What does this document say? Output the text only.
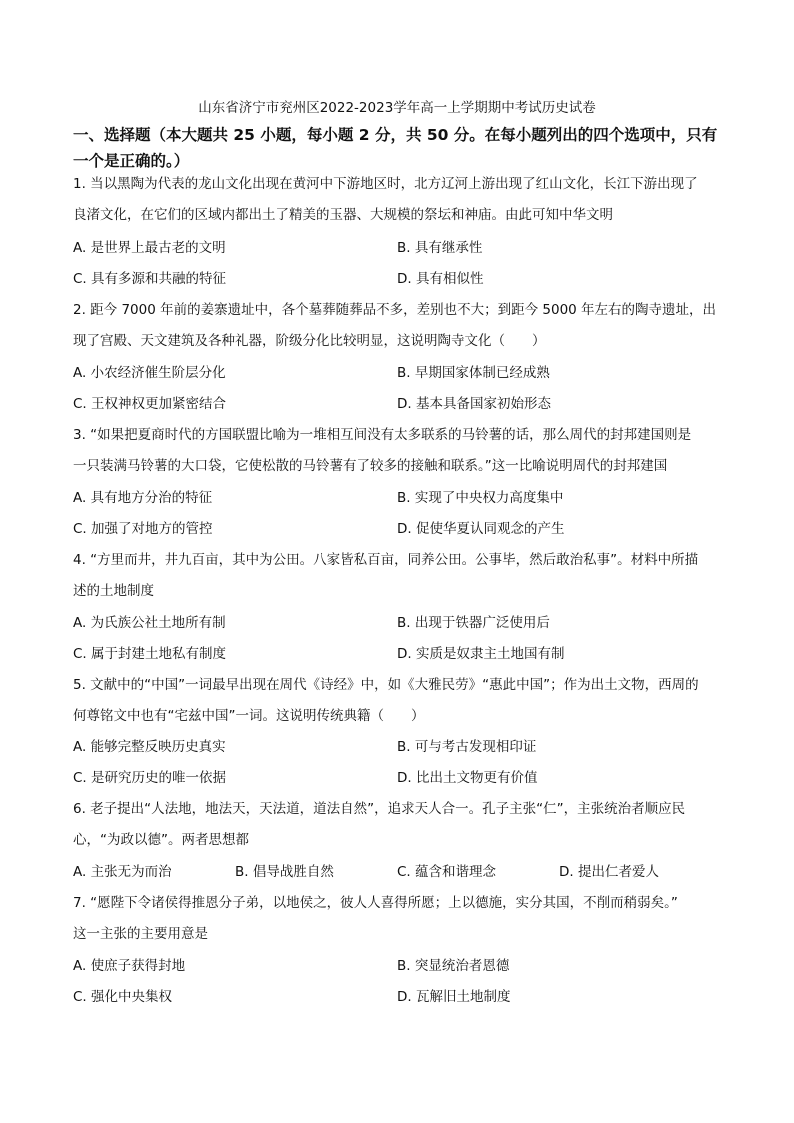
山东省济宁市兖州区2022-2023学年高一上学期期中考试历史试卷
一、选择题（本大题共 25 小题，每小题 2 分，共 50 分。在每小题列出的四个选项中，只有
一个是正确的。）
1. 当以黑陶为代表的龙山文化出现在黄河中下游地区时，北方辽河上游出现了红山文化，长江下游出现了
良渚文化，在它们的区域内都出土了精美的玉器、大规模的祭坛和神庙。由此可知中华文明
A. 是世界上最古老的文明	B. 具有继承性
C. 具有多源和共融的特征	D. 具有相似性
2. 距今 7000 年前的姜寨遗址中，各个墓葬随葬品不多，差别也不大；到距今 5000 年左右的陶寺遗址，出
现了宫殿、天文建筑及各种礼器，阶级分化比较明显，这说明陶寺文化（　　）
A. 小农经济催生阶层分化	B. 早期国家体制已经成熟
C. 王权神权更加紧密结合	D. 基本具备国家初始形态
3. “如果把夏商时代的方国联盟比喻为一堆相互间没有太多联系的马铃薯的话，那么周代的封邦建国则是
一只装满马铃薯的大口袋，它使松散的马铃薯有了较多的接触和联系。”这一比喻说明周代的封邦建国
A. 具有地方分治的特征	B. 实现了中央权力高度集中
C. 加强了对地方的管控	D. 促使华夏认同观念的产生
4. “方里而井，井九百亩，其中为公田。八家皆私百亩，同养公田。公事毕，然后敢治私事”。材料中所描
述的土地制度
A. 为氏族公社土地所有制	B. 出现于铁器广泛使用后
C. 属于封建土地私有制度	D. 实质是奴隶主土地国有制
5. 文献中的“中国”一词最早出现在周代《诗经》中，如《大雅民劳》“惠此中国”；作为出土文物，西周的
何尊铭文中也有“宅兹中国”一词。这说明传统典籍（　　）
A. 能够完整反映历史真实	B. 可与考古发现相印证
C. 是研究历史的唯一依据	D. 比出土文物更有价值
6. 老子提出“人法地，地法天，天法道，道法自然”，追求天人合一。孔子主张“仁”，主张统治者顺应民
心，“为政以德”。两者思想都
A. 主张无为而治	B. 倡导战胜自然	C. 蕴含和谐理念	D. 提出仁者爱人
7. “愿陛下令诸侯得推恩分子弟，以地侯之，彼人人喜得所愿；上以德施，实分其国，不削而稍弱矣。”
这一主张的主要用意是
A. 使庶子获得封地	B. 突显统治者恩德
C. 强化中央集权	D. 瓦解旧土地制度
